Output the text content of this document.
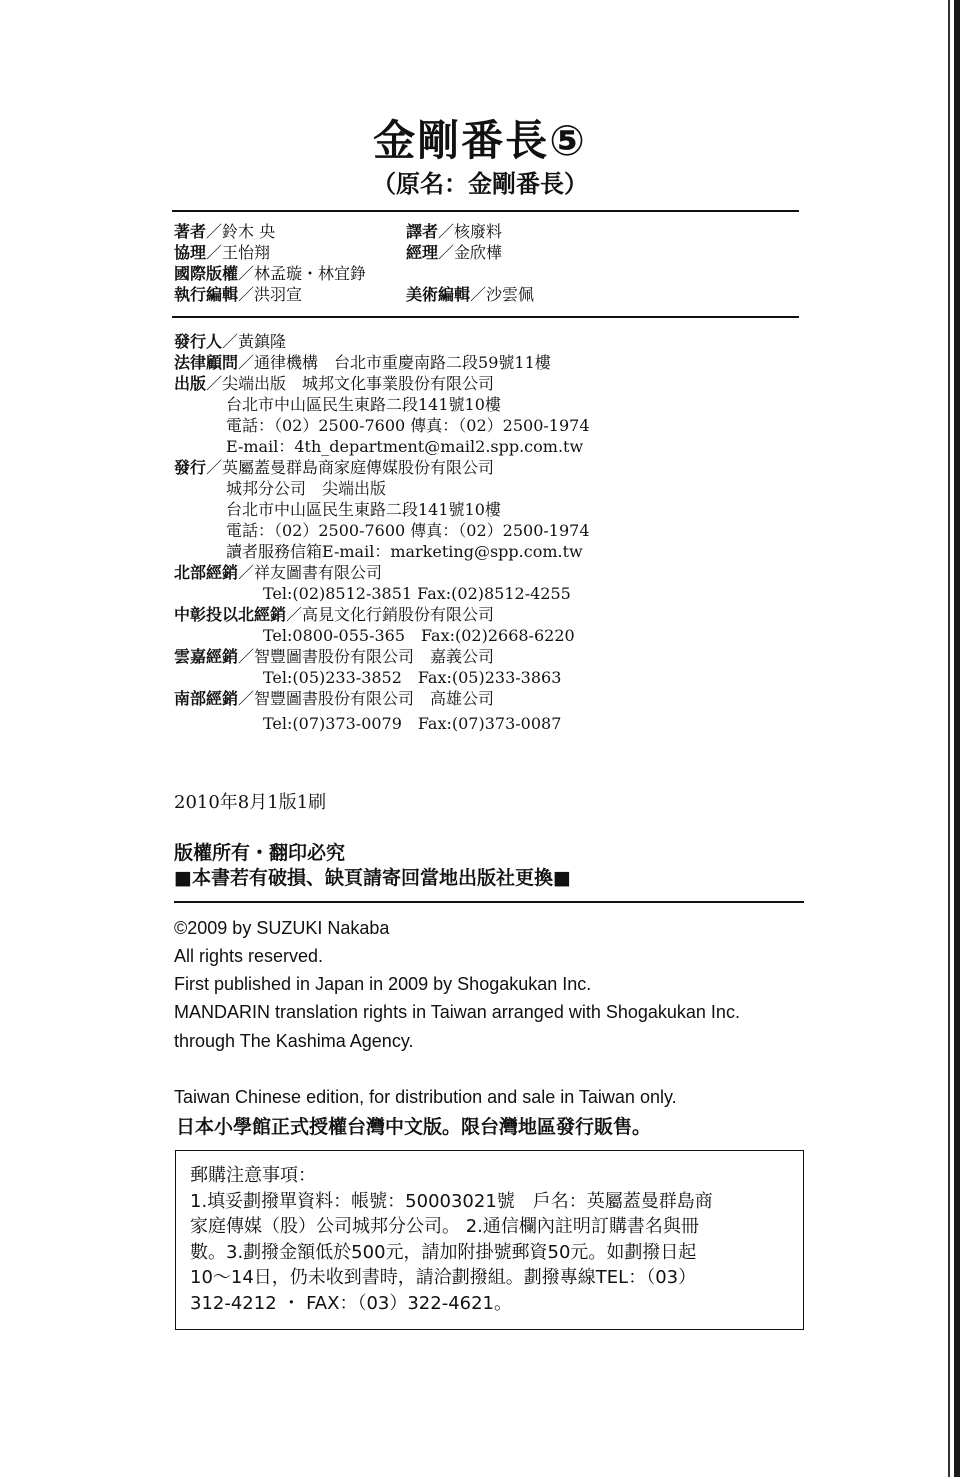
金剛番長⑤
（原名：金剛番長）
著者／鈴木 央
協理／王怡翔
國際版權／林孟璇・林宜錚
執行編輯／洪羽宣
譯者／核廢料
經理／金欣樺
美術編輯／沙雲佩
發行人／黃鎮隆
法律顧問／通律機構　台北市重慶南路二段59號11樓
出版／尖端出版　城邦文化事業股份有限公司
台北市中山區民生東路二段141號10樓
電話：（02）2500-7600 傳真：（02）2500-1974
E-mail：4th_department@mail2.spp.com.tw
發行／英屬蓋曼群島商家庭傳媒股份有限公司
城邦分公司　尖端出版
台北市中山區民生東路二段141號10樓
電話：（02）2500-7600 傳真：（02）2500-1974
讀者服務信箱E-mail：marketing@spp.com.tw
北部經銷／祥友圖書有限公司
Tel:(02)8512-3851 Fax:(02)8512-4255
中彰投以北經銷／高見文化行銷股份有限公司
Tel:0800-055-365　Fax:(02)2668-6220
雲嘉經銷／智豐圖書股份有限公司　嘉義公司
Tel:(05)233-3852　Fax:(05)233-3863
南部經銷／智豐圖書股份有限公司　高雄公司
Tel:(07)373-0079　Fax:(07)373-0087
2010年8月1版1刷
版權所有・翻印必究
■本書若有破損、缺頁請寄回當地出版社更換■
©2009 by SUZUKI Nakaba
All rights reserved.
First published in Japan in 2009 by Shogakukan Inc.
MANDARIN translation rights in Taiwan arranged with Shogakukan Inc.
through The Kashima Agency.
Taiwan Chinese edition, for distribution and sale in Taiwan only.
日本小學館正式授權台灣中文版。限台灣地區發行販售。
郵購注意事項：
1.填妥劃撥單資料：帳號：50003021號　戶名：英屬蓋曼群島商
家庭傳媒（股）公司城邦分公司。 2.通信欄內註明訂購書名與冊
數。3.劃撥金額低於500元，請加附掛號郵資50元。如劃撥日起
10～14日，仍未收到書時，請洽劃撥組。劃撥專線TEL：（03）
312-4212 ・ FAX：（03）322-4621。
